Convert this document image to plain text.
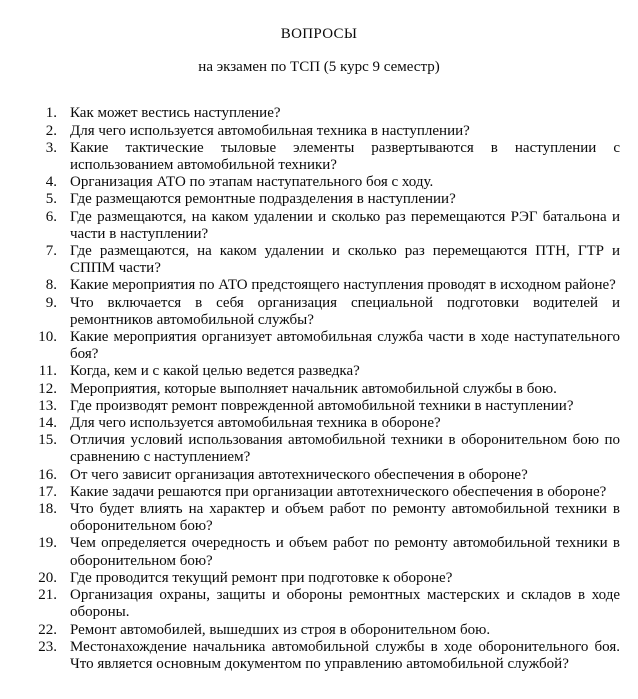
ВОПРОСЫ
на экзамен по ТСП (5 курс 9 семестр)
1. Как может вестись наступление?
2. Для чего используется автомобильная техника в наступлении?
3. Какие тактические тыловые элементы развертываются в наступлении с использованием автомобильной техники?
4. Организация АТО по этапам наступательного боя с ходу.
5. Где размещаются ремонтные подразделения в наступлении?
6. Где размещаются, на каком удалении и сколько раз перемещаются РЭГ батальона и части в наступлении?
7. Где размещаются, на каком удалении и сколько раз перемещаются ПТН, ГТР и СППМ части?
8. Какие мероприятия по АТО предстоящего наступления проводят в исходном районе?
9. Что включается в себя организация специальной подготовки водителей и ремонтников автомобильной службы?
10. Какие мероприятия организует автомобильная служба части в ходе наступательного боя?
11. Когда, кем и с какой целью ведется разведка?
12. Мероприятия, которые выполняет начальник автомобильной службы в бою.
13. Где производят ремонт поврежденной автомобильной техники в наступлении?
14. Для чего используется автомобильная техника в обороне?
15. Отличия условий использования автомобильной техники в оборонительном бою по сравнению с наступлением?
16. От чего зависит организация автотехнического обеспечения в обороне?
17. Какие задачи решаются при организации автотехнического обеспечения в обороне?
18. Что будет влиять на характер и объем работ по ремонту автомобильной техники в оборонительном бою?
19. Чем определяется очередность и объем работ по ремонту автомобильной техники в оборонительном бою?
20. Где проводится текущий ремонт при подготовке к обороне?
21. Организация охраны, защиты и обороны ремонтных мастерских и складов в ходе обороны.
22. Ремонт автомобилей, вышедших из строя в оборонительном бою.
23. Местонахождение начальника автомобильной службы в ходе оборонительного боя. Что является основным документом по управлению автомобильной службой?
